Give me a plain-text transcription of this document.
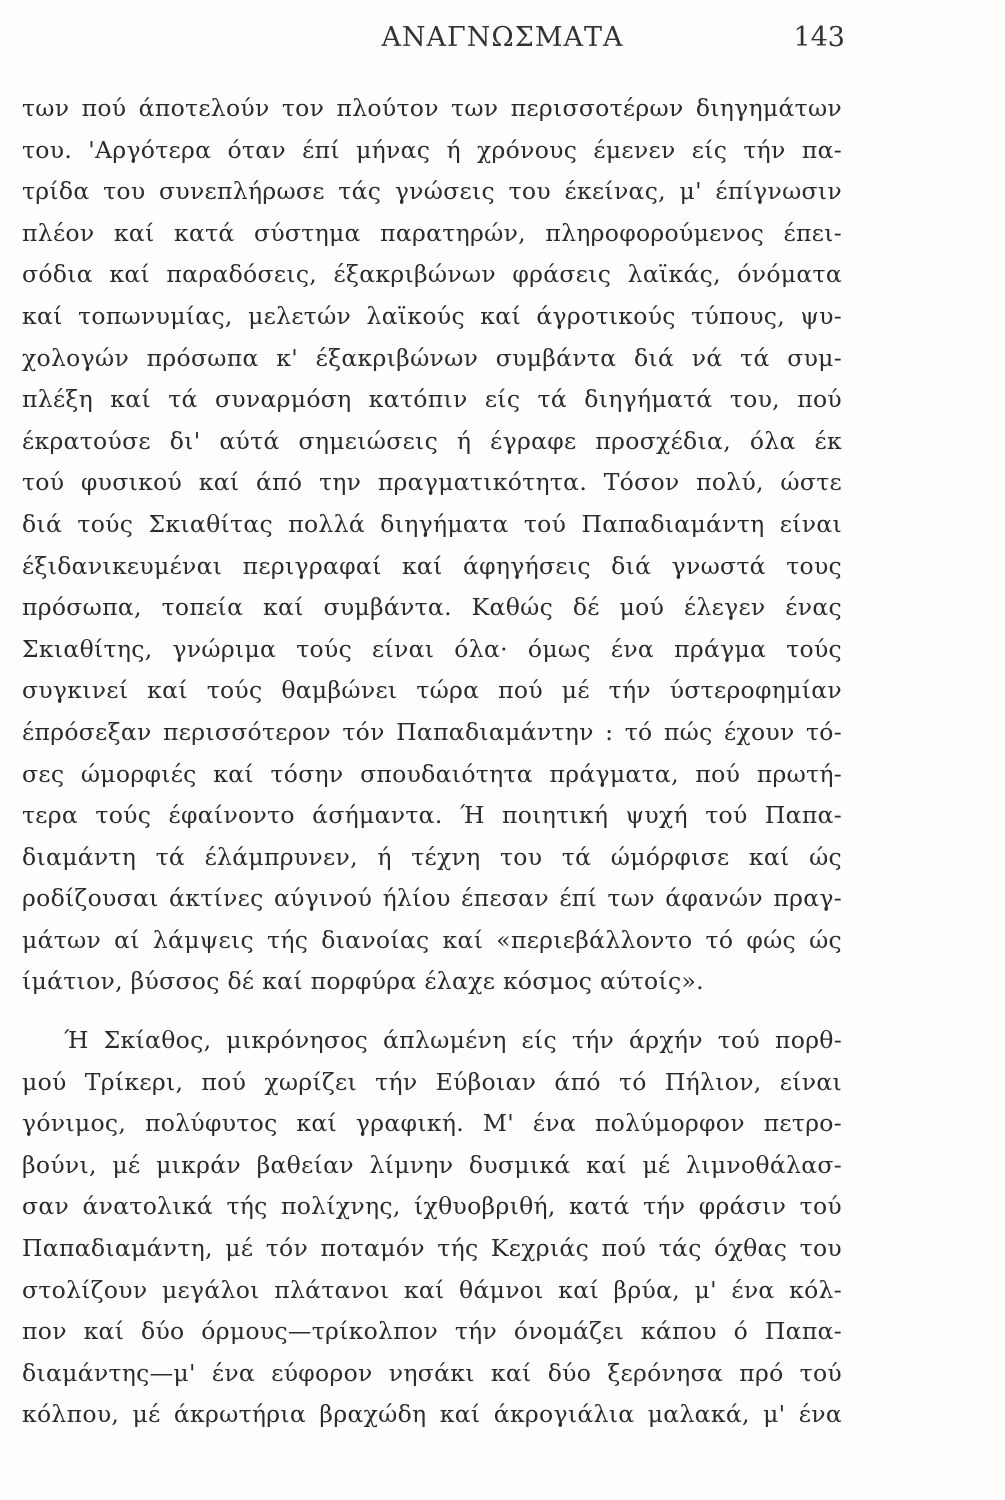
ΑΝΑΓΝΩΣΜΑΤΑ	143
των πού άποτελούν τον πλούτον των περισσοτέρων διηγημάτων
του. 'Αργότερα όταν έπί μήνας ή χρόνους έμενεν είς τήν πα-
τρίδα του συνεπλήρωσε τάς γνώσεις του έκείνας, μ' έπίγνωσιν
πλέον καί κατά σύστημα παρατηρών, πληροφορούμενος έπει-
σόδια καί παραδόσεις, έξακριβώνων φράσεις λαϊκάς, όνόματα
καί τοπωνυμίας, μελετών λαϊκούς καί άγροτικούς τύπους, ψυ-
χολογών πρόσωπα κ' έξακριβώνων συμβάντα διά νά τά συμ-
πλέξη καί τά συναρμόση κατόπιν είς τά διηγήματά του, πού
έκρατούσε δι' αύτά σημειώσεις ή έγραφε προσχέδια, όλα έκ
τού φυσικού καί άπό την πραγματικότητα. Τόσον πολύ, ώστε
διά τούς Σκιαθίτας πολλά διηγήματα τού Παπαδιαμάντη είναι
έξιδανικευμέναι περιγραφαί καί άφηγήσεις διά γνωστά τους
πρόσωπα, τοπεία καί συμβάντα. Καθώς δέ μού έλεγεν ένας
Σκιαθίτης, γνώριμα τούς είναι όλα· όμως ένα πράγμα τούς
συγκινεί καί τούς θαμβώνει τώρα πού μέ τήν ύστεροφημίαν
έπρόσεξαν περισσότερον τόν Παπαδιαμάντην : τό πώς έχουν τό-
σες ώμορφιές καί τόσην σπουδαιότητα πράγματα, πού πρωτή-
τερα τούς έφαίνοντο άσήμαντα. Ή ποιητική ψυχή τού Παπα-
διαμάντη τά έλάμπρυνεν, ή τέχνη του τά ώμόρφισε καί ώς
ροδίζουσαι άκτίνες αύγινού ήλίου έπεσαν έπί των άφανών πραγ-
μάτων αί λάμψεις τής διανοίας καί «περιεβάλλοντο τό φώς ώς
ίμάτιον, βύσσος δέ καί πορφύρα έλαχε κόσμος αύτοίς».
Ή Σκίαθος, μικρόνησος άπλωμένη είς τήν άρχήν τού πορθ-
μού Τρίκερι, πού χωρίζει τήν Εύβοιαν άπό τό Πήλιον, είναι
γόνιμος, πολύφυτος καί γραφική. Μ' ένα πολύμορφον πετρο-
βούνι, μέ μικράν βαθείαν λίμνην δυσμικά καί μέ λιμνοθάλασ-
σαν άνατολικά τής πολίχνης, ίχθυοβριθή, κατά τήν φράσιν τού
Παπαδιαμάντη, μέ τόν ποταμόν τής Κεχριάς πού τάς όχθας του
στολίζουν μεγάλοι πλάτανοι καί θάμνοι καί βρύα, μ' ένα κόλ-
πον καί δύο όρμους—τρίκολπον τήν όνομάζει κάπου ό Παπα-
διαμάντης—μ' ένα εύφορον νησάκι καί δύο ξερόνησα πρό τού
κόλπου, μέ άκρωτήρια βραχώδη καί άκρογιάλια μαλακά, μ' ένα
